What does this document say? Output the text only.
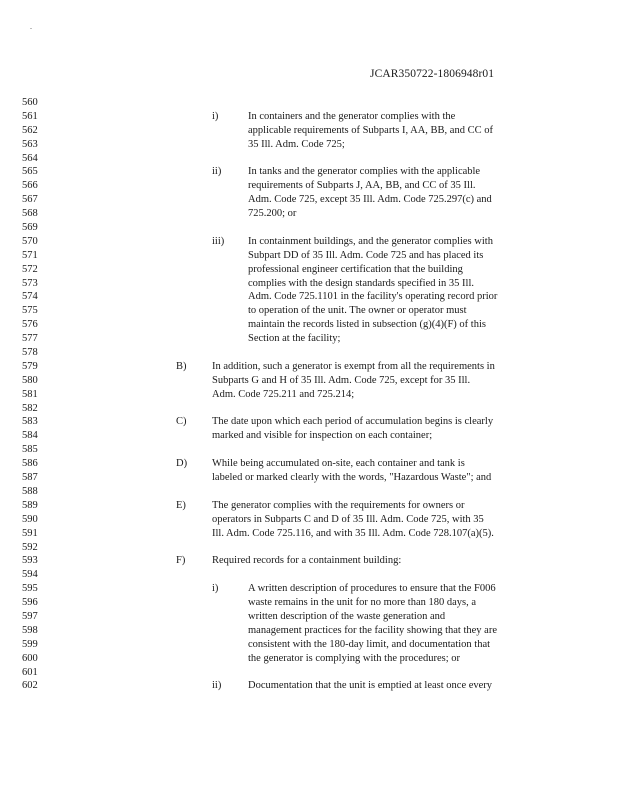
.
JCAR350722-1806948r01
560
561
562
563
564
565
566
567
568
569
570
571
572
573
574
575
576
577
578
579
580
581
582
583
584
585
586
587
588
589
590
591
592
593
594
595
596
597
598
599
600
601
602
i)	In containers and the generator complies with the
applicable requirements of Subparts I, AA, BB, and CC of
35 Ill. Adm. Code 725;
ii)	In tanks and the generator complies with the applicable
requirements of Subparts J, AA, BB, and CC of 35 Ill.
Adm. Code 725, except 35 Ill. Adm. Code 725.297(c) and
725.200; or
iii) In containment buildings, and the generator complies with
Subpart DD of 35 Ill. Adm. Code 725 and has placed its
professional engineer certification that the building
complies with the design standards specified in 35 Ill.
Adm. Code 725.1101 in the facility's operating record prior
to operation of the unit. The owner or operator must
maintain the records listed in subsection (g)(4)(F) of this
Section at the facility;
B) In addition, such a generator is exempt from all the requirements in
Subparts G and H of 35 Ill. Adm. Code 725, except for 35 Ill.
Adm. Code 725.211 and 725.214;
C) The date upon which each period of accumulation begins is clearly
marked and visible for inspection on each container;
D) While being accumulated on-site, each container and tank is
labeled or marked clearly with the words, "Hazardous Waste"; and
E) The generator complies with the requirements for owners or
operators in Subparts C and D of 35 Ill. Adm. Code 725, with 35
Ill. Adm. Code 725.116, and with 35 Ill. Adm. Code 728.107(a)(5).
F)	Required records for a containment building:
i)	A written description of procedures to ensure that the F006
waste remains in the unit for no more than 180 days, a
written description of the waste generation and
management practices for the facility showing that they are
consistent with the 180-day limit, and documentation that
the generator is complying with the procedures; or
ii)	Documentation that the unit is emptied at least once every
